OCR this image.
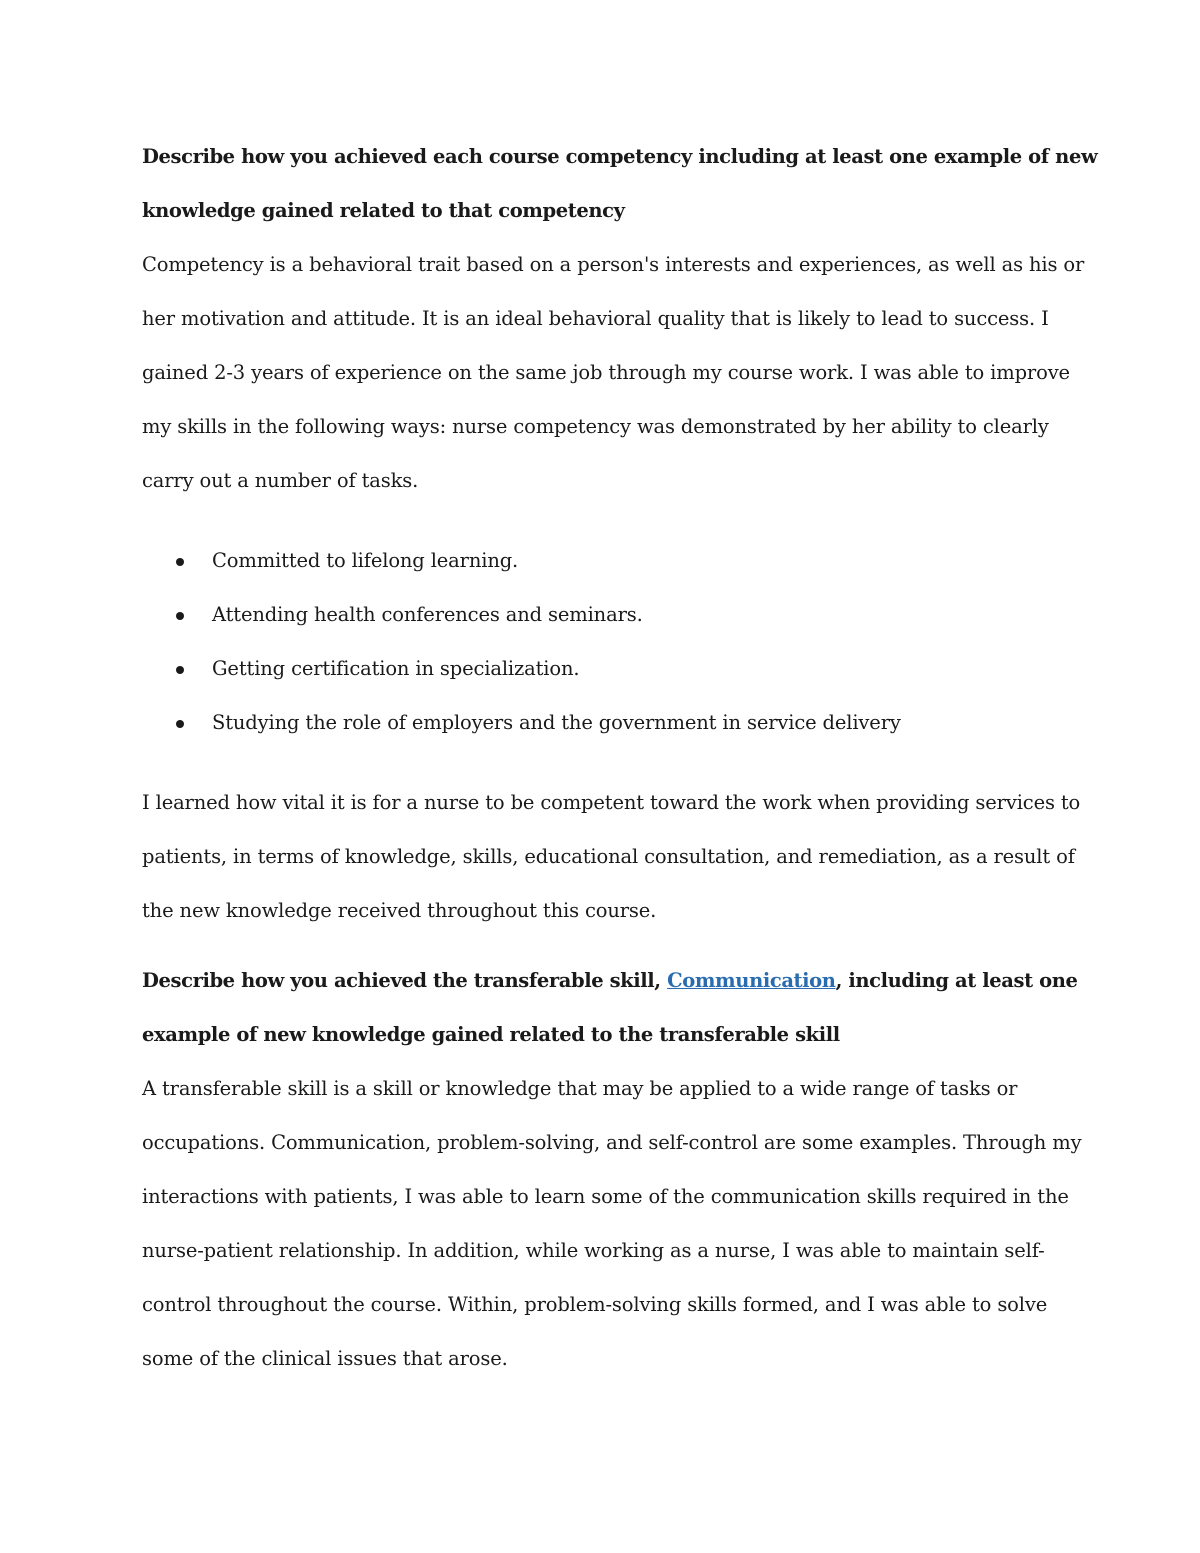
Describe how you achieved each course competency including at least one example of new
knowledge gained related to that competency
Competency is a behavioral trait based on a person's interests and experiences, as well as his or
her motivation and attitude. It is an ideal behavioral quality that is likely to lead to success. I
gained 2-3 years of experience on the same job through my course work. I was able to improve
my skills in the following ways: nurse competency was demonstrated by her ability to clearly
carry out a number of tasks.
Committed to lifelong learning.
Attending health conferences and seminars.
Getting certification in specialization.
Studying the role of employers and the government in service delivery
I learned how vital it is for a nurse to be competent toward the work when providing services to
patients, in terms of knowledge, skills, educational consultation, and remediation, as a result of
the new knowledge received throughout this course.
Describe how you achieved the transferable skill, Communication, including at least one
example of new knowledge gained related to the transferable skill
A transferable skill is a skill or knowledge that may be applied to a wide range of tasks or
occupations. Communication, problem-solving, and self-control are some examples. Through my
interactions with patients, I was able to learn some of the communication skills required in the
nurse-patient relationship. In addition, while working as a nurse, I was able to maintain self-
control throughout the course. Within, problem-solving skills formed, and I was able to solve
some of the clinical issues that arose.
